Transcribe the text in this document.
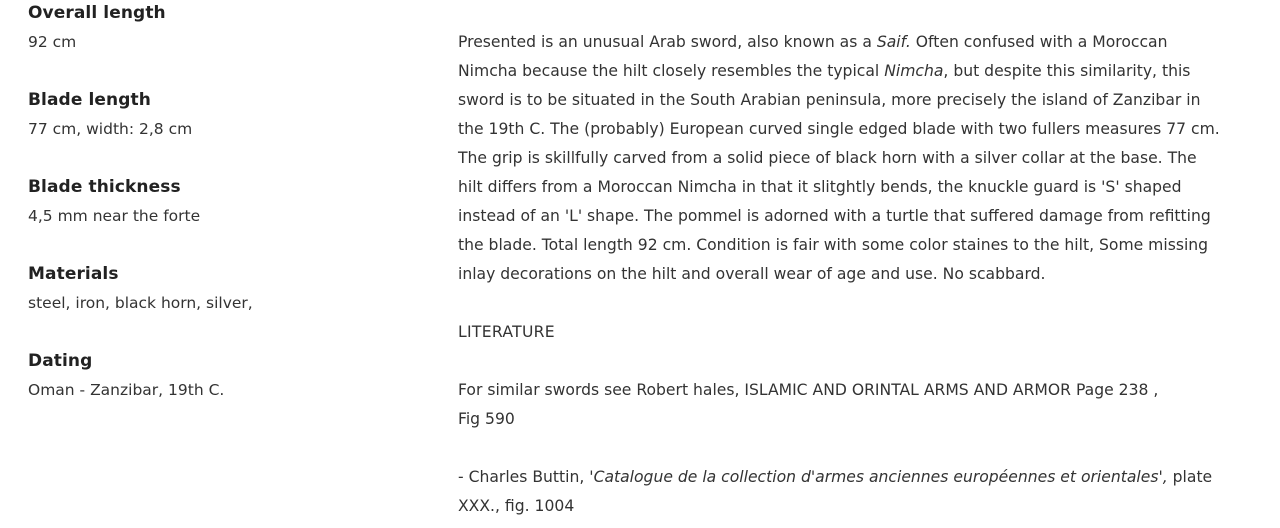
Overall length
92 cm
Blade length
77 cm, width: 2,8 cm
Blade thickness
4,5 mm near the forte
Materials
steel, iron, black horn, silver,
Dating
Oman - Zanzibar, 19th C.

Presented is an unusual Arab sword, also known as a Saif. Often confused with a Moroccan
Nimcha because the hilt closely resembles the typical Nimcha, but despite this similarity, this
sword is to be situated in the South Arabian peninsula, more precisely the island of Zanzibar in
the 19th C. The (probably) European curved single edged blade with two fullers measures 77 cm.
The grip is skillfully carved from a solid piece of black horn with a silver collar at the base. The
hilt differs from a Moroccan Nimcha in that it slitghtly bends, the knuckle guard is 'S' shaped
instead of an 'L' shape. The pommel is adorned with a turtle that suffered damage from refitting
the blade. Total length 92 cm. Condition is fair with some color staines to the hilt, Some missing
inlay decorations on the hilt and overall wear of age and use. No scabbard.

LITERATURE

For similar swords see Robert hales, ISLAMIC AND ORINTAL ARMS AND ARMOR Page 238 ,
Fig 590

- Charles Buttin, 'Catalogue de la collection d'armes anciennes européennes et orientales', plate
XXX., fig. 1004
